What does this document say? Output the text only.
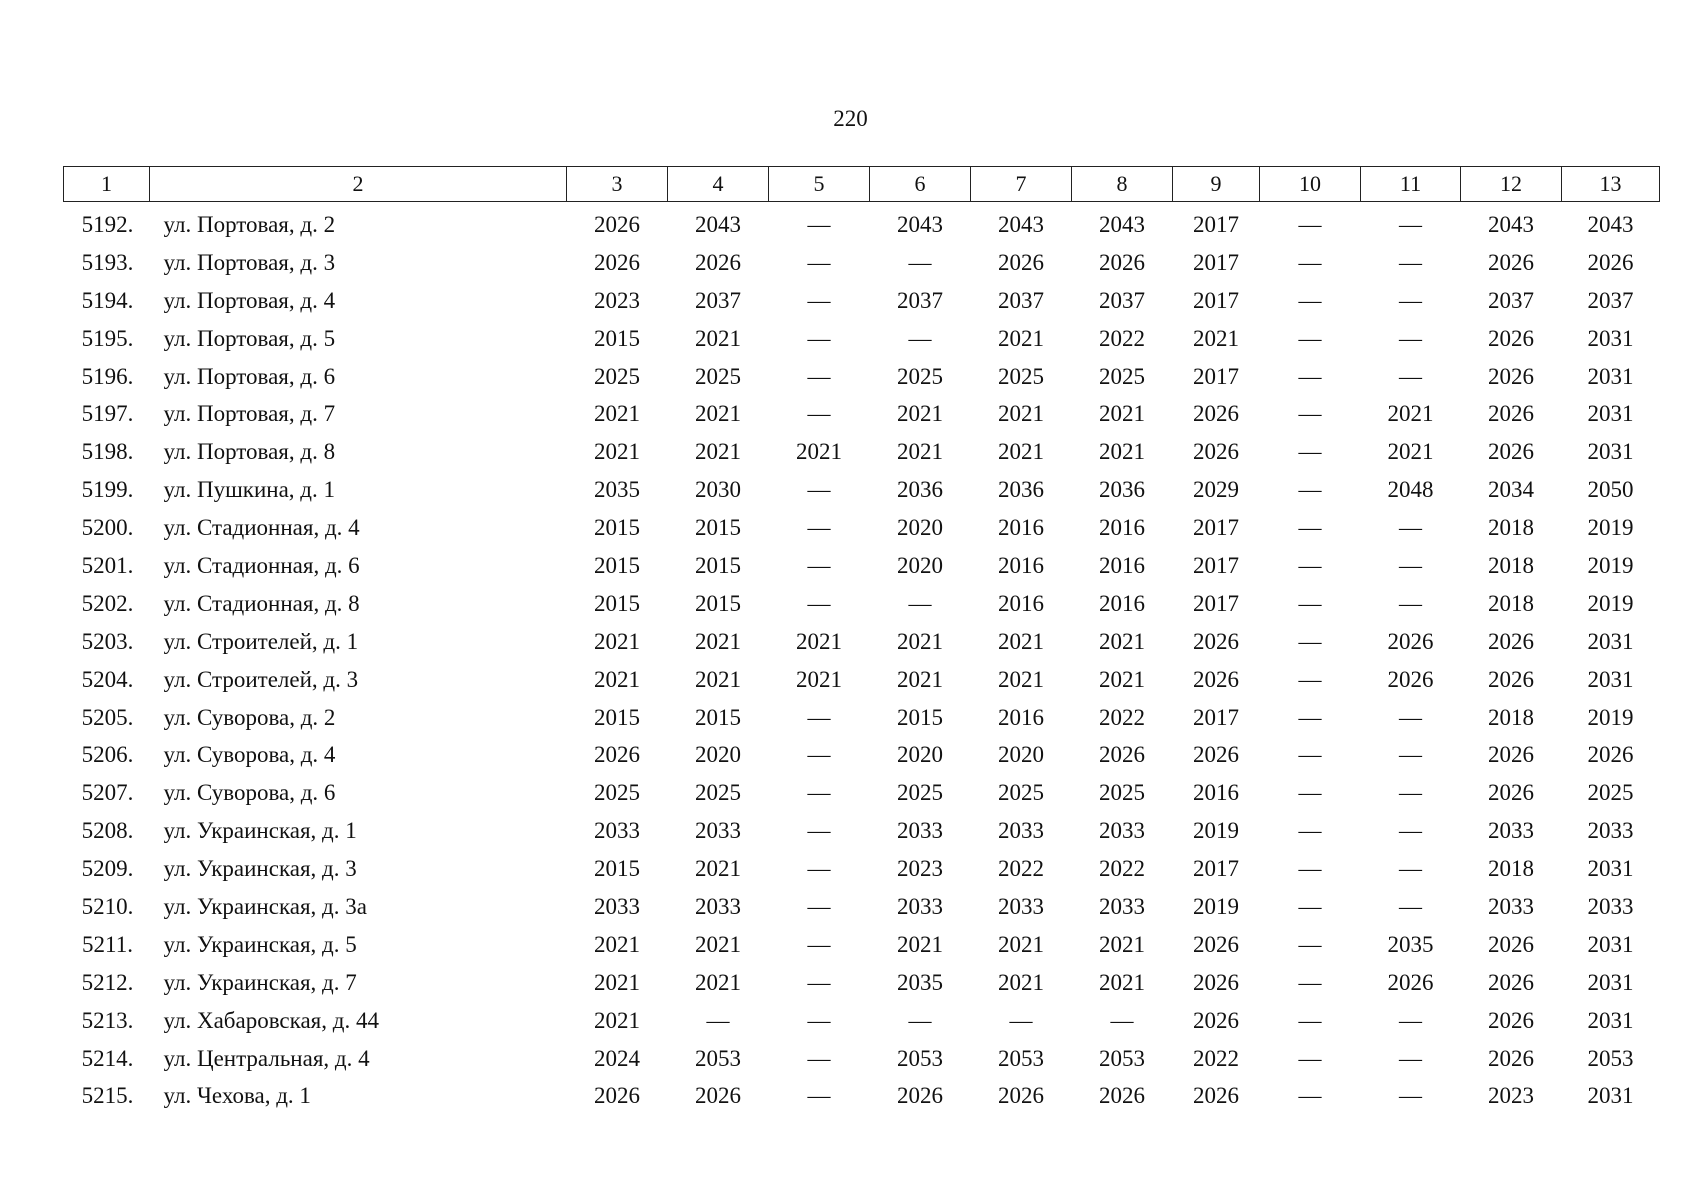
220
1	2	3	4	5	6	7	8	9	10	11	12	13
5192.	ул. Портовая, д. 2	2026	2043	—	2043	2043	2043	2017	—	—	2043	2043
5193.	ул. Портовая, д. 3	2026	2026	—	—	2026	2026	2017	—	—	2026	2026
5194.	ул. Портовая, д. 4	2023	2037	—	2037	2037	2037	2017	—	—	2037	2037
5195.	ул. Портовая, д. 5	2015	2021	—	—	2021	2022	2021	—	—	2026	2031
5196.	ул. Портовая, д. 6	2025	2025	—	2025	2025	2025	2017	—	—	2026	2031
5197.	ул. Портовая, д. 7	2021	2021	—	2021	2021	2021	2026	—	2021	2026	2031
5198.	ул. Портовая, д. 8	2021	2021	2021	2021	2021	2021	2026	—	2021	2026	2031
5199.	ул. Пушкина, д. 1	2035	2030	—	2036	2036	2036	2029	—	2048	2034	2050
5200.	ул. Стадионная, д. 4	2015	2015	—	2020	2016	2016	2017	—	—	2018	2019
5201.	ул. Стадионная, д. 6	2015	2015	—	2020	2016	2016	2017	—	—	2018	2019
5202.	ул. Стадионная, д. 8	2015	2015	—	—	2016	2016	2017	—	—	2018	2019
5203.	ул. Строителей, д. 1	2021	2021	2021	2021	2021	2021	2026	—	2026	2026	2031
5204.	ул. Строителей, д. 3	2021	2021	2021	2021	2021	2021	2026	—	2026	2026	2031
5205.	ул. Суворова, д. 2	2015	2015	—	2015	2016	2022	2017	—	—	2018	2019
5206.	ул. Суворова, д. 4	2026	2020	—	2020	2020	2026	2026	—	—	2026	2026
5207.	ул. Суворова, д. 6	2025	2025	—	2025	2025	2025	2016	—	—	2026	2025
5208.	ул. Украинская, д. 1	2033	2033	—	2033	2033	2033	2019	—	—	2033	2033
5209.	ул. Украинская, д. 3	2015	2021	—	2023	2022	2022	2017	—	—	2018	2031
5210.	ул. Украинская, д. 3а	2033	2033	—	2033	2033	2033	2019	—	—	2033	2033
5211.	ул. Украинская, д. 5	2021	2021	—	2021	2021	2021	2026	—	2035	2026	2031
5212.	ул. Украинская, д. 7	2021	2021	—	2035	2021	2021	2026	—	2026	2026	2031
5213.	ул. Хабаровская, д. 44	2021	—	—	—	—	—	2026	—	—	2026	2031
5214.	ул. Центральная, д. 4	2024	2053	—	2053	2053	2053	2022	—	—	2026	2053
5215.	ул. Чехова, д. 1	2026	2026	—	2026	2026	2026	2026	—	—	2023	2031
